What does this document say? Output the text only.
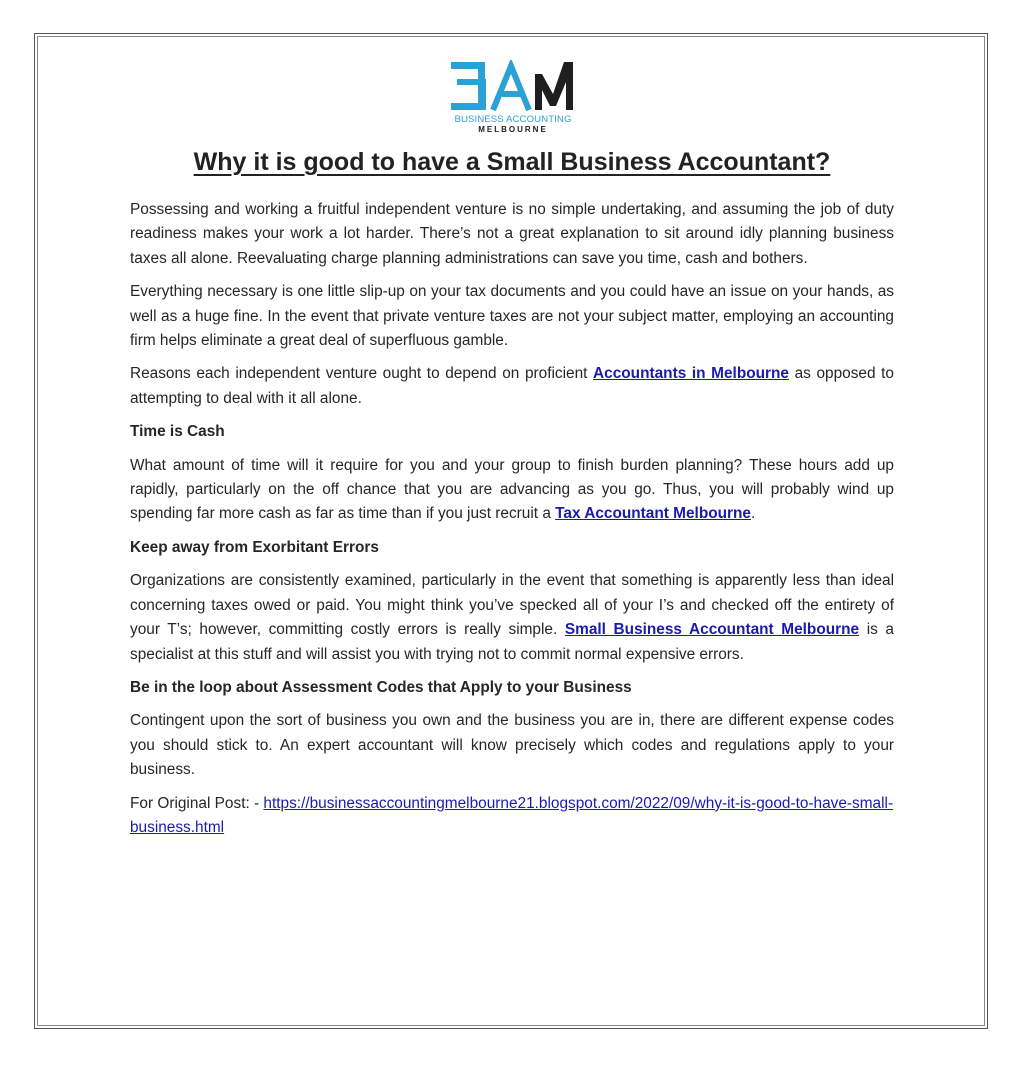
BUSINESS ACCOUNTING
MELBOURNE
Why it is good to have a Small Business Accountant?

Possessing and working a fruitful independent venture is no simple undertaking, and assuming the job of duty readiness makes your work a lot harder. There’s not a great explanation to sit around idly planning business taxes all alone. Reevaluating charge planning administrations can save you time, cash and bothers.

Everything necessary is one little slip-up on your tax documents and you could have an issue on your hands, as well as a huge fine. In the event that private venture taxes are not your subject matter, employing an accounting firm helps eliminate a great deal of superfluous gamble.

Reasons each independent venture ought to depend on proficient Accountants in Melbourne as opposed to attempting to deal with it all alone.

Time is Cash

What amount of time will it require for you and your group to finish burden planning? These hours add up rapidly, particularly on the off chance that you are advancing as you go. Thus, you will probably wind up spending far more cash as far as time than if you just recruit a Tax Accountant Melbourne.

Keep away from Exorbitant Errors

Organizations are consistently examined, particularly in the event that something is apparently less than ideal concerning taxes owed or paid. You might think you’ve specked all of your I’s and checked off the entirety of your T’s; however, committing costly errors is really simple. Small Business Accountant Melbourne is a specialist at this stuff and will assist you with trying not to commit normal expensive errors.

Be in the loop about Assessment Codes that Apply to your Business

Contingent upon the sort of business you own and the business you are in, there are different expense codes you should stick to. An expert accountant will know precisely which codes and regulations apply to your business.

For Original Post: - https://businessaccountingmelbourne21.blogspot.com/2022/09/why-it-is-good-to-have-small-business.html
